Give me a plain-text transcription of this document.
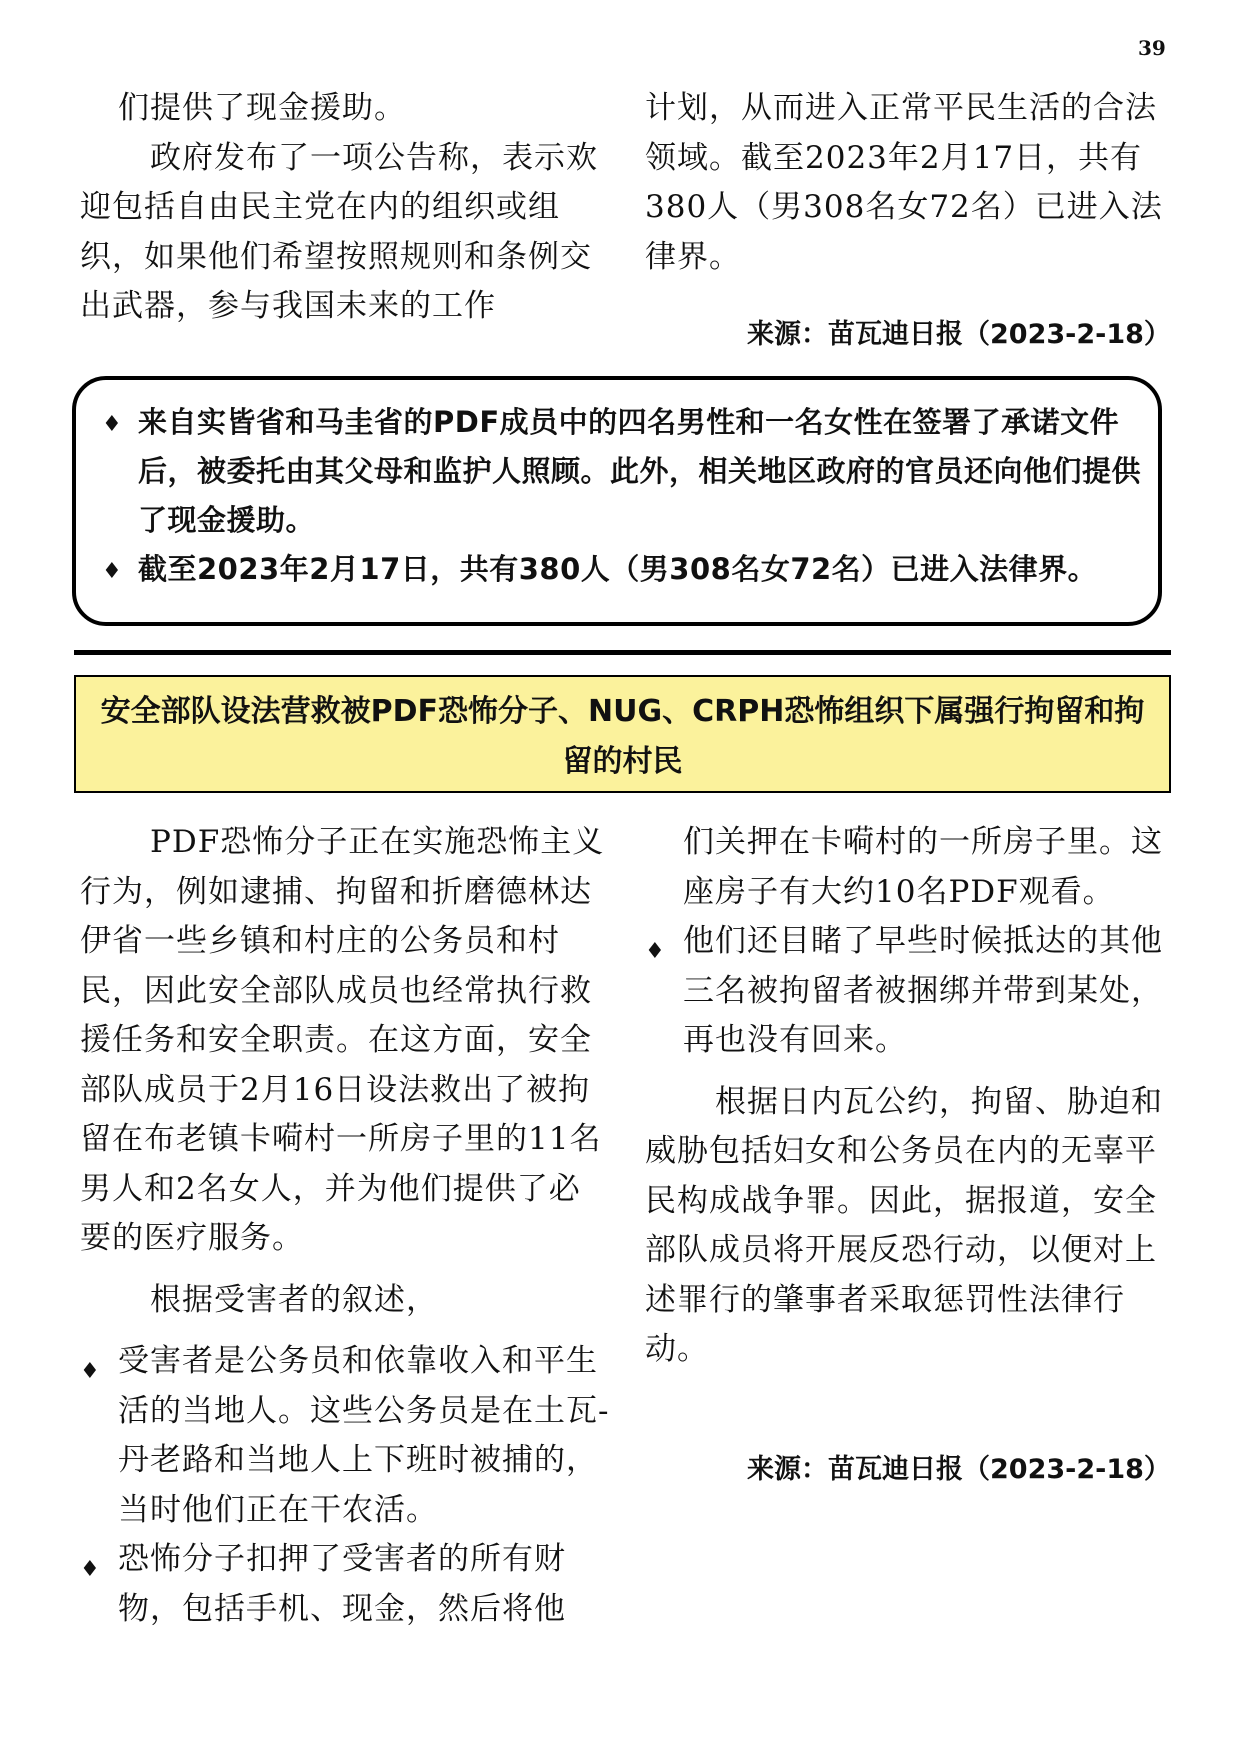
39

们提供了现金援助。

政府发布了一项公告称，表示欢迎包括自由民主党在内的组织或组织，如果他们希望按照规则和条例交出武器，参与我国未来的工作

计划，从而进入正常平民生活的合法领域。截至2023年2月17日，共有380人（男308名女72名）已进入法律界。

来源：苗瓦迪日报（2023-2-18）
♦ 来自实皆省和马圭省的PDF成员中的四名男性和一名女性在签署了承诺文件后，被委托由其父母和监护人照顾。此外，相关地区政府的官员还向他们提供了现金援助。
♦ 截至2023年2月17日，共有380人（男308名女72名）已进入法律界。
安全部队设法营救被PDF恐怖分子、NUG、CRPH恐怖组织下属强行拘留和拘留的村民

PDF恐怖分子正在实施恐怖主义行为，例如逮捕、拘留和折磨德林达伊省一些乡镇和村庄的公务员和村民，因此安全部队成员也经常执行救援任务和安全职责。在这方面，安全部队成员于2月16日设法救出了被拘留在布老镇卡嗬村一所房子里的11名男人和2名女人，并为他们提供了必要的医疗服务。

根据受害者的叙述，

♦ 受害者是公务员和依靠收入和平生活的当地人。这些公务员是在土瓦-丹老路和当地人上下班时被捕的，当时他们正在干农活。
♦ 恐怖分子扣押了受害者的所有财物，包括手机、现金，然后将他

们关押在卡嗬村的一所房子里。这座房子有大约10名PDF观看。

♦ 他们还目睹了早些时候抵达的其他三名被拘留者被捆绑并带到某处，再也没有回来。

根据日内瓦公约，拘留、胁迫和威胁包括妇女和公务员在内的无辜平民构成战争罪。因此，据报道，安全部队成员将开展反恐行动，以便对上述罪行的肇事者采取惩罚性法律行动。

来源：苗瓦迪日报（2023-2-18）
